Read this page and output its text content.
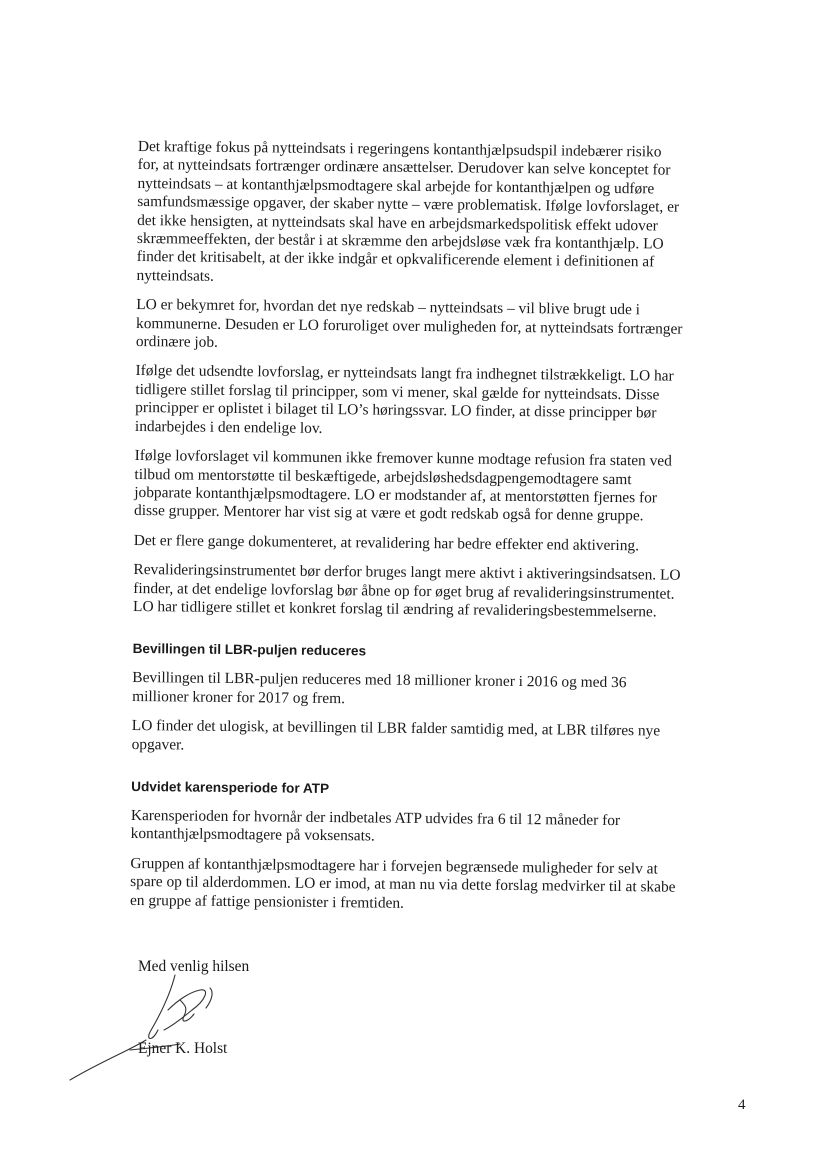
Det kraftige fokus på nytteindsats i regeringens kontanthjælpsudspil indebærer risiko for, at nytteindsats fortrænger ordinære ansættelser. Derudover kan selve konceptet for nytteindsats – at kontanthjælpsmodtagere skal arbejde for kontanthjælpen og udføre samfundsmæssige opgaver, der skaber nytte – være problematisk. Ifølge lovforslaget, er det ikke hensigten, at nytteindsats skal have en arbejdsmarkedspolitisk effekt udover skræmmeeffekten, der består i at skræmme den arbejdsløse væk fra kontanthjælp. LO finder det kritisabelt, at der ikke indgår et opkvalificerende element i definitionen af nytteindsats.

LO er bekymret for, hvordan det nye redskab – nytteindsats – vil blive brugt ude i kommunerne. Desuden er LO foruroliget over muligheden for, at nytteindsats fortrænger ordinære job.

Ifølge det udsendte lovforslag, er nytteindsats langt fra indhegnet tilstrækkeligt. LO har tidligere stillet forslag til principper, som vi mener, skal gælde for nytteindsats. Disse principper er oplistet i bilaget til LO’s høringssvar. LO finder, at disse principper bør indarbejdes i den endelige lov.

Ifølge lovforslaget vil kommunen ikke fremover kunne modtage refusion fra staten ved tilbud om mentorstøtte til beskæftigede, arbejdsløshedsdagpengemodtagere samt jobparate kontanthjælpsmodtagere. LO er modstander af, at mentorstøtten fjernes for disse grupper. Mentorer har vist sig at være et godt redskab også for denne gruppe.

Det er flere gange dokumenteret, at revalidering har bedre effekter end aktivering.

Revalideringsinstrumentet bør derfor bruges langt mere aktivt i aktiveringsindsatsen. LO finder, at det endelige lovforslag bør åbne op for øget brug af revalideringsinstrumentet. LO har tidligere stillet et konkret forslag til ændring af revalideringsbestemmelserne.

Bevillingen til LBR-puljen reduceres

Bevillingen til LBR-puljen reduceres med 18 millioner kroner i 2016 og med 36 millioner kroner for 2017 og frem.

LO finder det ulogisk, at bevillingen til LBR falder samtidig med, at LBR tilføres nye opgaver.

Udvidet karensperiode for ATP

Karensperioden for hvornår der indbetales ATP udvides fra 6 til 12 måneder for kontanthjælpsmodtagere på voksensats.

Gruppen af kontanthjælpsmodtagere har i forvejen begrænsede muligheder for selv at spare op til alderdommen. LO er imod, at man nu via dette forslag medvirker til at skabe en gruppe af fattige pensionister i fremtiden.

Med venlig hilsen

Ejner K. Holst
4
